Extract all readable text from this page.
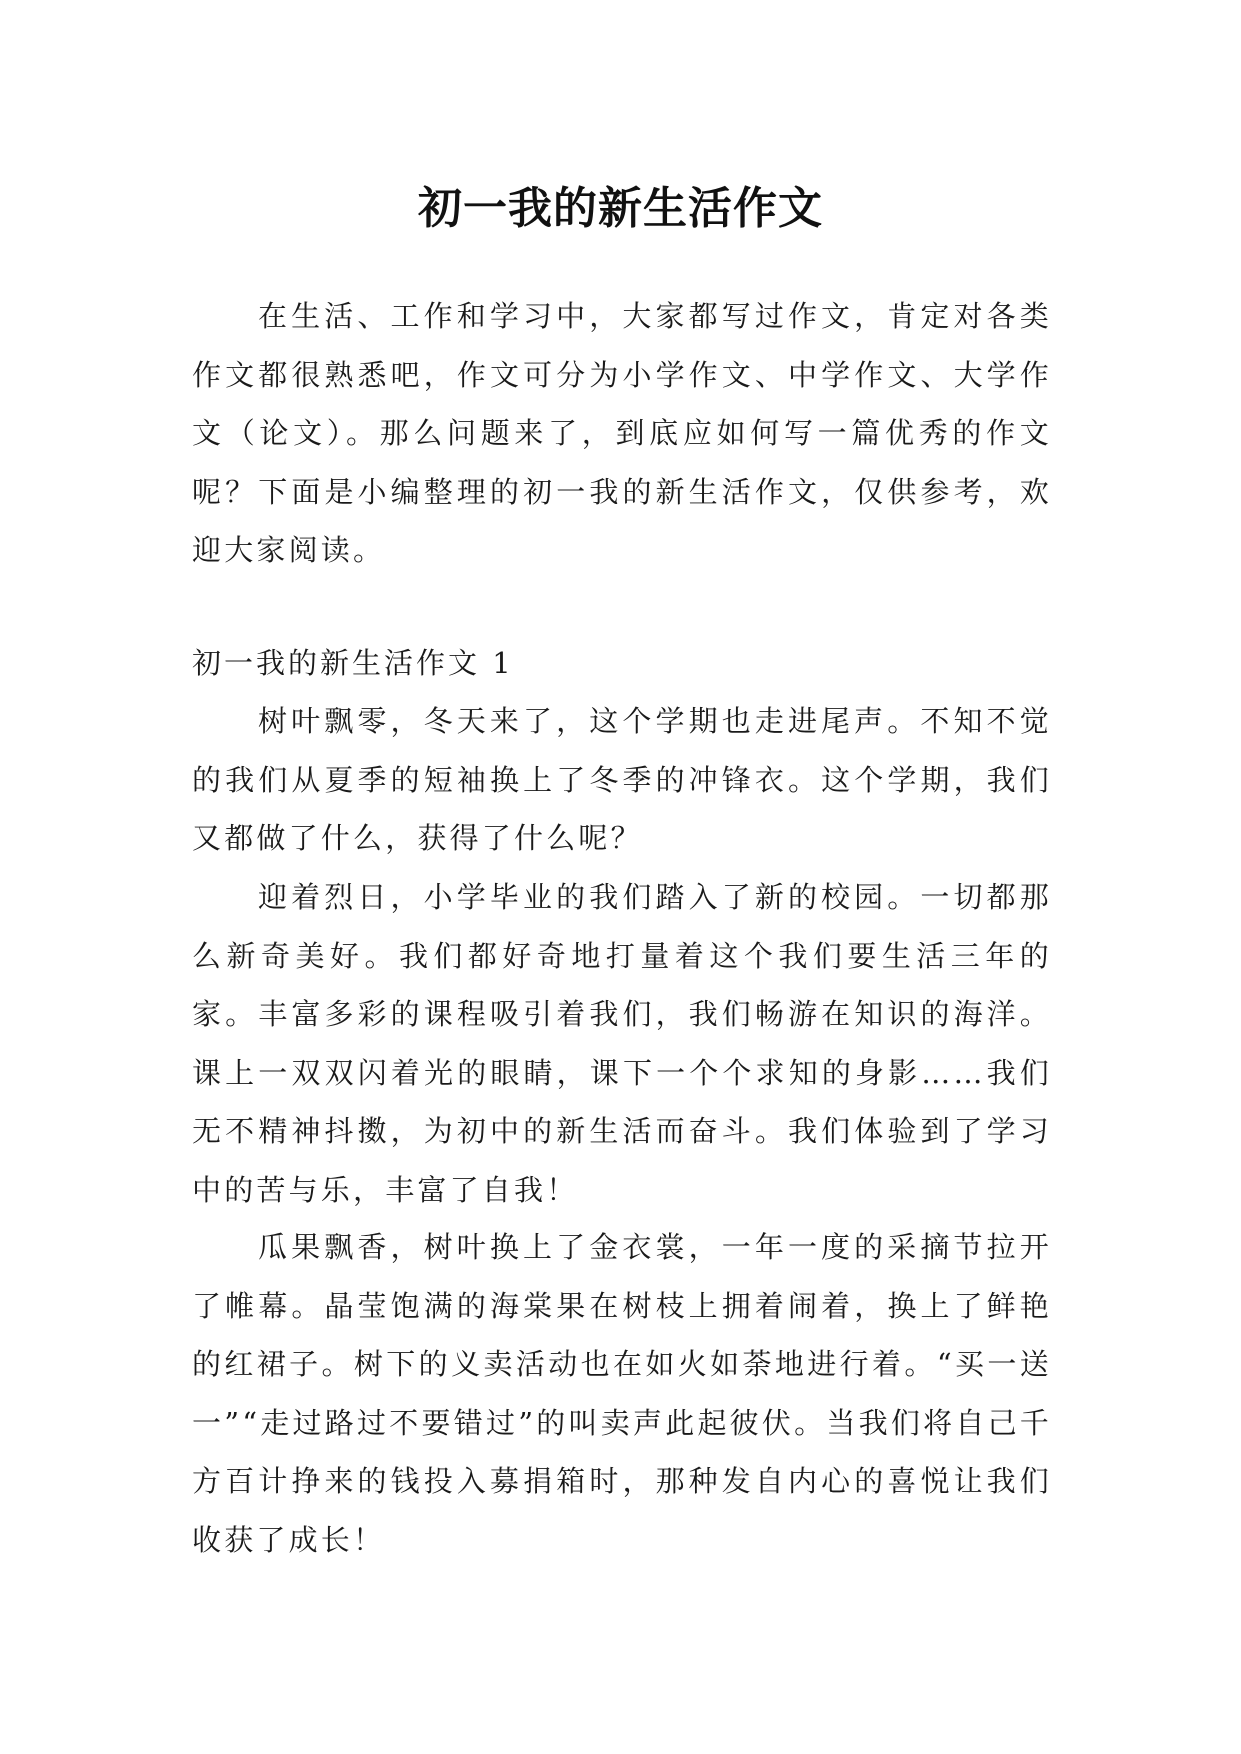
初一我的新生活作文

在生活、工作和学习中，大家都写过作文，肯定对各类作文都很熟悉吧，作文可分为小学作文、中学作文、大学作文（论文）。那么问题来了，到底应如何写一篇优秀的作文呢？下面是小编整理的初一我的新生活作文，仅供参考，欢迎大家阅读。

初一我的新生活作文 1

树叶飘零，冬天来了，这个学期也走进尾声。不知不觉的我们从夏季的短袖换上了冬季的冲锋衣。这个学期，我们又都做了什么，获得了什么呢？

迎着烈日，小学毕业的我们踏入了新的校园。一切都那么新奇美好。我们都好奇地打量着这个我们要生活三年的家。丰富多彩的课程吸引着我们，我们畅游在知识的海洋。课上一双双闪着光的眼睛，课下一个个求知的身影……我们无不精神抖擞，为初中的新生活而奋斗。我们体验到了学习中的苦与乐，丰富了自我！

瓜果飘香，树叶换上了金衣裳，一年一度的采摘节拉开了帷幕。晶莹饱满的海棠果在树枝上拥着闹着，换上了鲜艳的红裙子。树下的义卖活动也在如火如荼地进行着。“买一送一”“走过路过不要错过”的叫卖声此起彼伏。当我们将自己千方百计挣来的钱投入募捐箱时，那种发自内心的喜悦让我们收获了成长！
